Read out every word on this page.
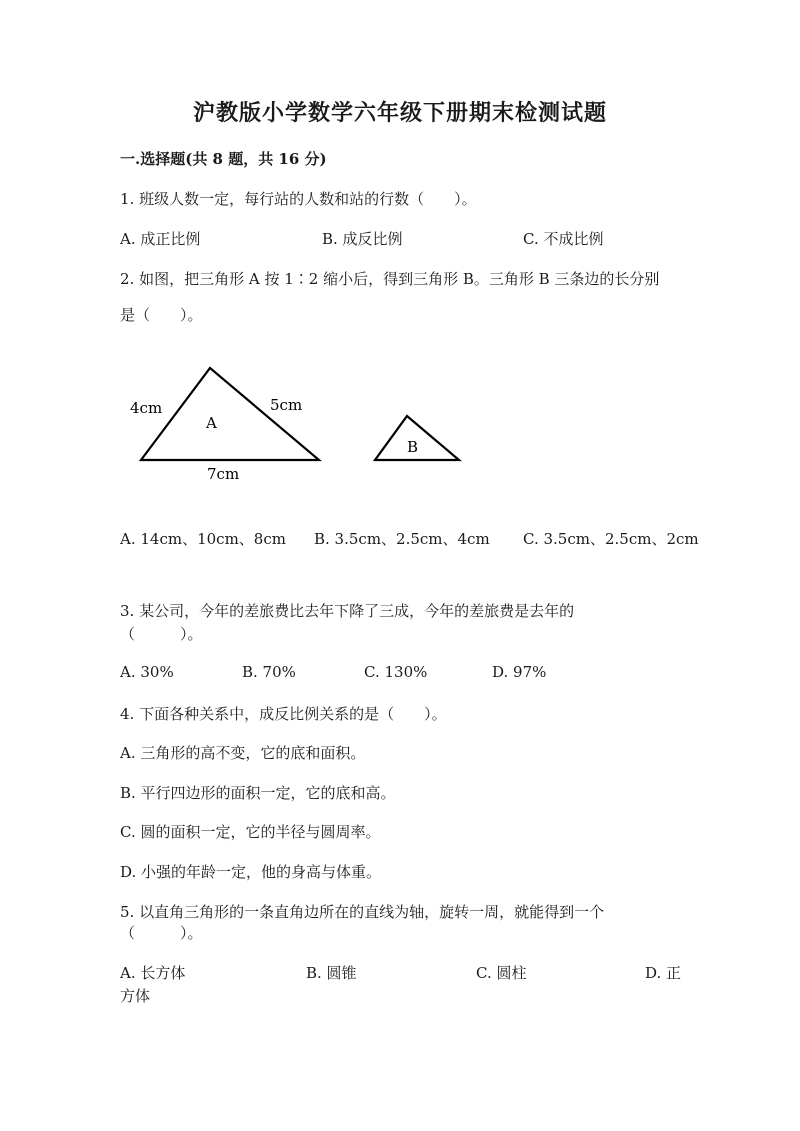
沪教版小学数学六年级下册期末检测试题
一.选择题(共 8 题，共 16 分)
1. 班级人数一定，每行站的人数和站的行数（　　）。
A. 成正比例	B. 成反比例	C. 不成比例
2. 如图，把三角形 A 按 1∶2 缩小后，得到三角形 B。三角形 B 三条边的长分别
是（　　）。
4cm	5cm
7cm
A
B
A. 14cm、10cm、8cm B. 3.5cm、2.5cm、4cm C. 3.5cm、2.5cm、2cm
3. 某公司，今年的差旅费比去年下降了三成，今年的差旅费是去年的
（　　　）。
A. 30%	B. 70%	C. 130%	D. 97%
4. 下面各种关系中，成反比例关系的是（　　）。
A. 三角形的高不变，它的底和面积。
B. 平行四边形的面积一定，它的底和高。
C. 圆的面积一定，它的半径与圆周率。
D. 小强的年龄一定，他的身高与体重。
5. 以直角三角形的一条直角边所在的直线为轴，旋转一周，就能得到一个
（　　　）。
A. 长方体	B. 圆锥	C. 圆柱	D. 正
方体
